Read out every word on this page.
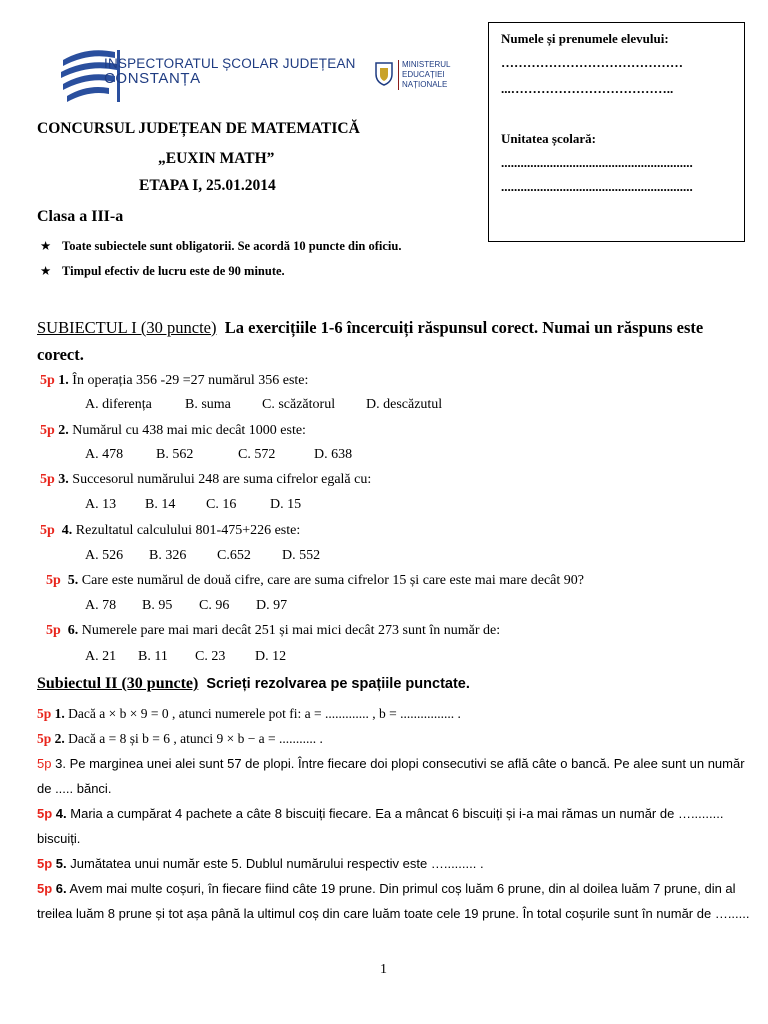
INSPECTORATUL ȘCOLAR JUDEȚEAN
CONSTANȚA
MINISTERUL
EDUCAȚIEI
NAȚIONALE
Numele și prenumele elevului:
……………………………………
...………………………………..
Unitatea școlară:
...........................................................
...........................................................
CONCURSUL JUDEȚEAN DE MATEMATICĂ
„EUXIN MATH”
ETAPA I, 25.01.2014
Clasa a III-a
★ Toate subiectele sunt obligatorii. Se acordă 10 puncte din oficiu.
★ Timpul efectiv de lucru este de 90 minute.
SUBIECTUL I (30 puncte) La exercițiile 1-6 încercuiți răspunsul corect. Numai un răspuns este corect.
5p 1. În operația 356 -29 =27 numărul 356 este:
A. diferența B. suma C. scăzătorul D. descăzutul
5p 2. Numărul cu 438 mai mic decât 1000 este:
A. 478 B. 562	C. 572	D. 638
5p 3. Succesorul numărului 248 are suma cifrelor egală cu:
A. 13 B. 14 C. 16 D. 15
5p 4. Rezultatul calculului 801-475+226 este:
A. 526 B. 326 C.652 D. 552
5p 5. Care este numărul de două cifre, care are suma cifrelor 15 și care este mai mare decât 90?
A. 78 B. 95 C. 96 D. 97
5p 6. Numerele pare mai mari decât 251 și mai mici decât 273 sunt în număr de:
A. 21 B. 11 C. 23 D. 12
Subiectul II (30 puncte) Scrieți rezolvarea pe spațiile punctate.
5p 1. Dacă a × b × 9 = 0 , atunci numerele pot fi: a = ............. , b = ................ .
5p 2. Dacă a = 8 și b = 6 , atunci 9 × b − a = ........... .
5p 3. Pe marginea unei alei sunt 57 de plopi. Între fiecare doi plopi consecutivi se află câte o bancă. Pe alee sunt un număr de ..... bănci.
5p 4. Maria a cumpărat 4 pachete a câte 8 biscuiți fiecare. Ea a mâncat 6 biscuiți și i-a mai rămas un număr de …......... biscuiți.
5p 5. Jumătatea unui număr este 5. Dublul numărului respectiv este …......... .
5p 6. Avem mai multe coșuri, în fiecare fiind câte 19 prune. Din primul coș luăm 6 prune, din al doilea luăm 7 prune, din al treilea luăm 8 prune și tot așa până la ultimul coș din care luăm toate cele 19 prune. În total coșurile sunt în număr de …......
1
